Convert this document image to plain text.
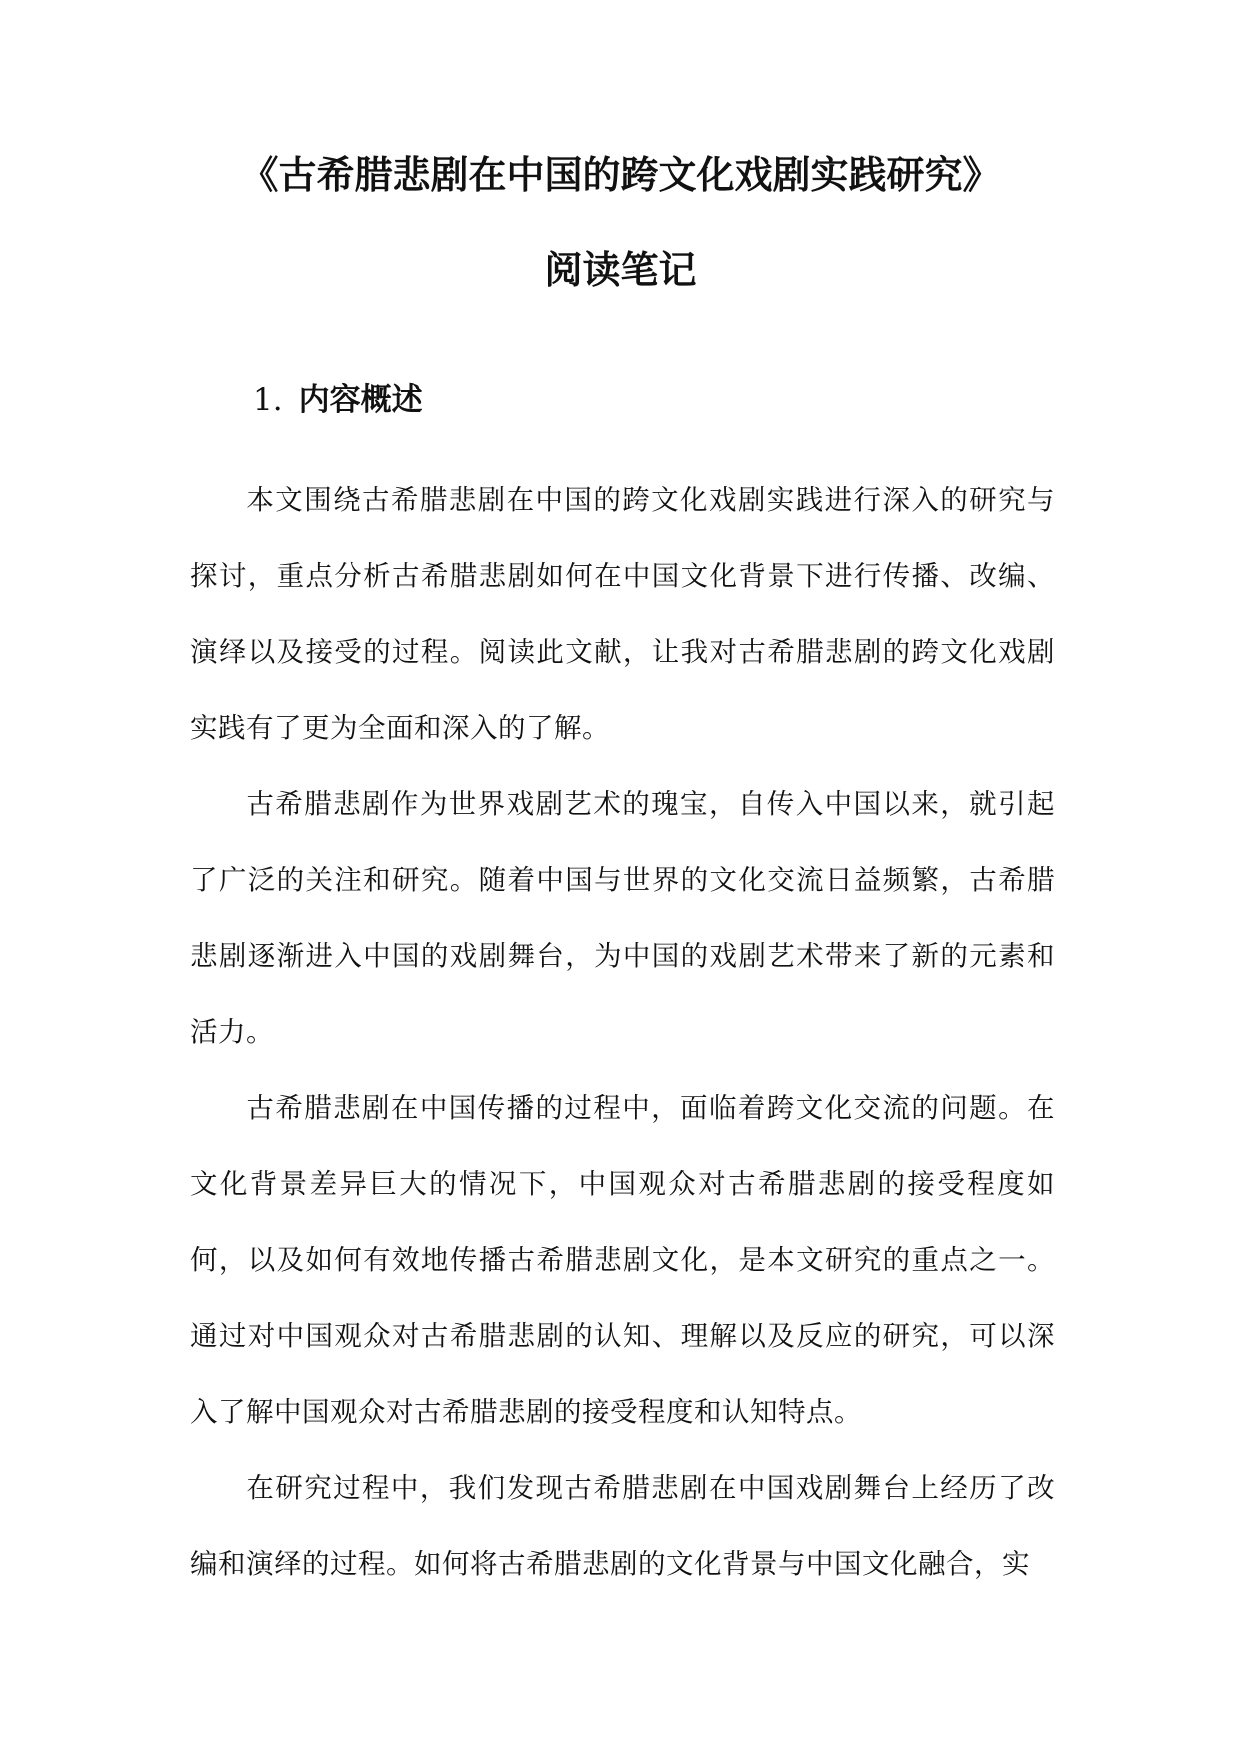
《古希腊悲剧在中国的跨文化戏剧实践研究》
阅读笔记
1. 内容概述

本文围绕古希腊悲剧在中国的跨文化戏剧实践进行深入的研究与探讨，重点分析古希腊悲剧如何在中国文化背景下进行传播、改编、演绎以及接受的过程。阅读此文献，让我对古希腊悲剧的跨文化戏剧实践有了更为全面和深入的了解。

古希腊悲剧作为世界戏剧艺术的瑰宝，自传入中国以来，就引起了广泛的关注和研究。随着中国与世界的文化交流日益频繁，古希腊悲剧逐渐进入中国的戏剧舞台，为中国的戏剧艺术带来了新的元素和活力。

古希腊悲剧在中国传播的过程中，面临着跨文化交流的问题。在文化背景差异巨大的情况下，中国观众对古希腊悲剧的接受程度如何，以及如何有效地传播古希腊悲剧文化，是本文研究的重点之一。通过对中国观众对古希腊悲剧的认知、理解以及反应的研究，可以深入了解中国观众对古希腊悲剧的接受程度和认知特点。

在研究过程中，我们发现古希腊悲剧在中国戏剧舞台上经历了改编和演绎的过程。如何将古希腊悲剧的文化背景与中国文化融合，实
